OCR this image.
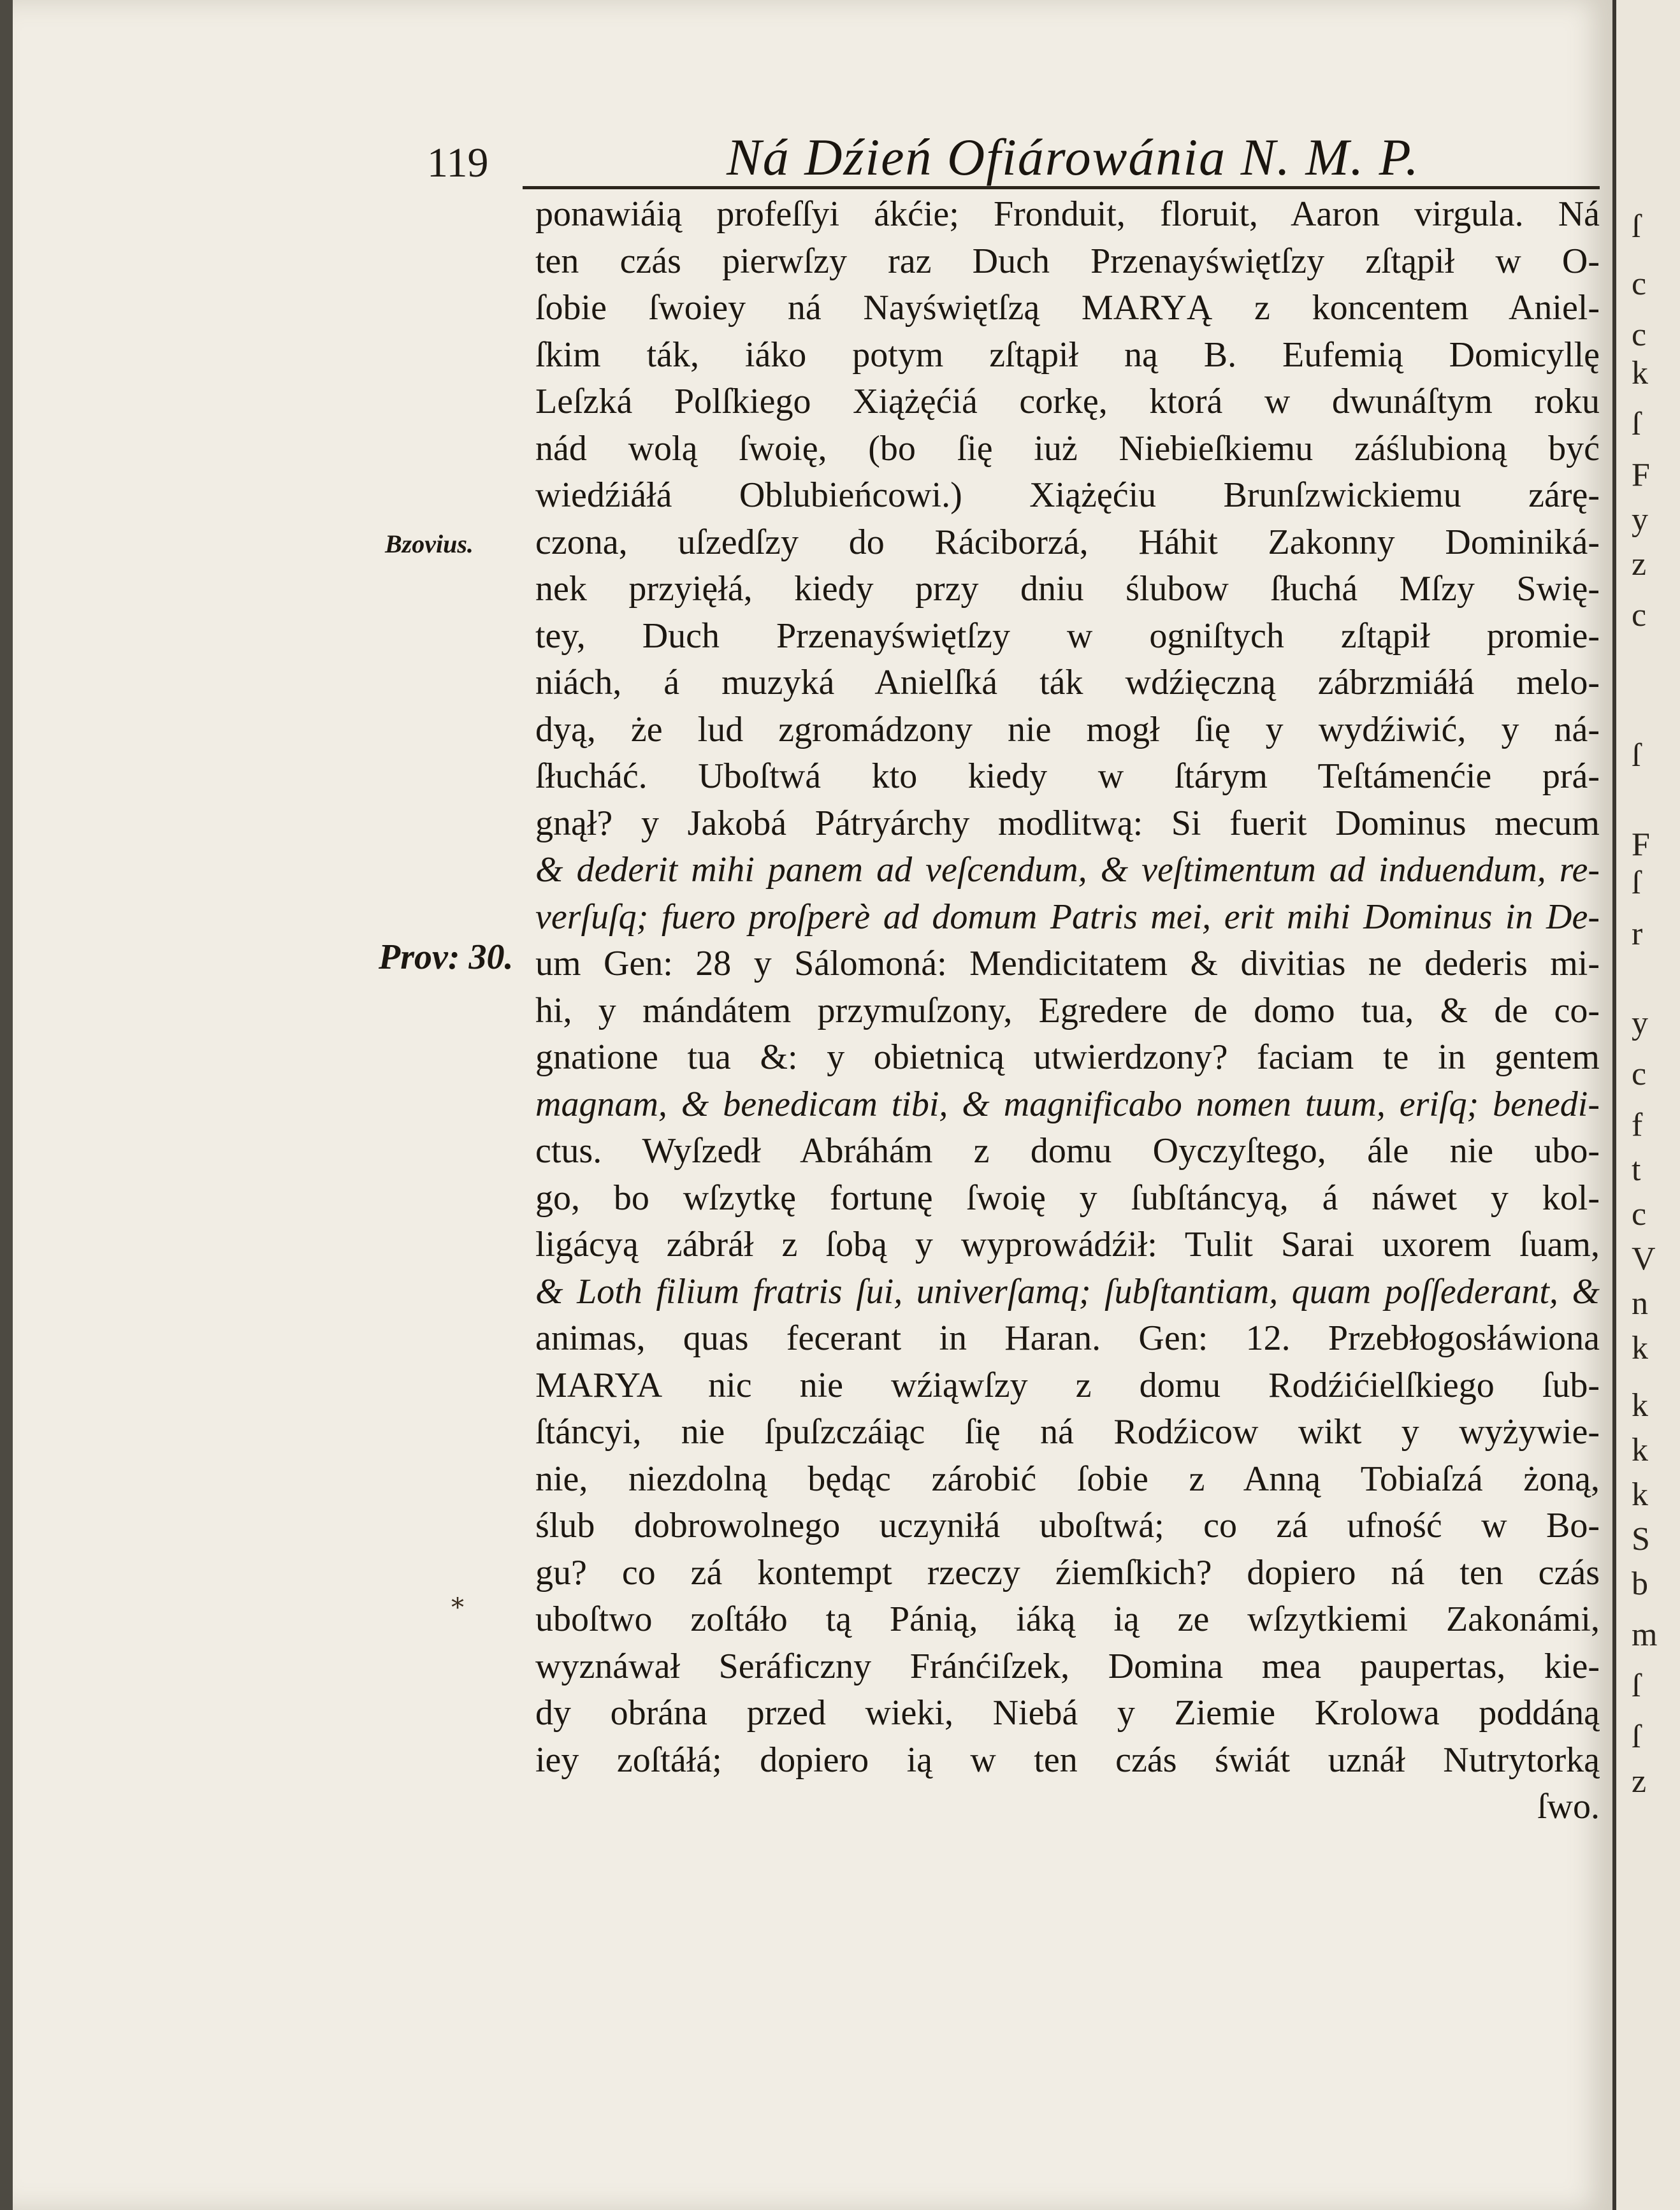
119	Ná Dźień Ofiárowánia N. M. P.
Bzovius.
Prov: 30.
*
ponawiáią profeſſyi ákćie; Fronduit, floruit, Aaron virgula. Ná
ten czás pierwſzy raz Duch Przenayświętſzy zſtąpił w O-
ſobie ſwoiey ná Nayświętſzą MARYĄ z koncentem Aniel-
ſkim ták, iáko potym zſtąpił ną B. Eufemią Domicyllę
Leſzká Polſkiego Xiążęćiá corkę, ktorá w dwunáſtym roku
nád wolą ſwoię, (bo ſię iuż Niebieſkiemu záślubioną być
wiedźiáłá Oblubieńcowi.) Xiążęćiu Brunſzwickiemu zárę-
czona, uſzedſzy do Ráciborzá, Háhit Zakonny Dominiká-
nek przyięłá, kiedy przy dniu ślubow ſłuchá Mſzy Swię-
tey, Duch Przenayświętſzy w ogniſtych zſtąpił promie-
niách, á muzyká Anielſká ták wdźięczną zábrzmiáłá melo-
dyą, że lud zgromádzony nie mogł ſię y wydźiwić, y ná-
ſłucháć. Uboſtwá kto kiedy w ſtárym Teſtámenćie prá-
gnął? y Jakobá Pátryárchy modlitwą: Si fuerit Dominus mecum
& dederit mihi panem ad veſcendum, & veſtimentum ad induendum, re-
verſuſq; fuero proſperè ad domum Patris mei, erit mihi Dominus in De-
um Gen: 28 y Sálomoná: Mendicitatem & divitias ne dederis mi-
hi, y mándátem przymuſzony, Egredere de domo tua, & de co-
gnatione tua &: y obietnicą utwierdzony? faciam te in gentem
magnam, & benedicam tibi, & magnificabo nomen tuum, eriſq; benedi-
ctus. Wyſzedł Abráhám z domu Oyczyſtego, ále nie ubo-
go, bo wſzytkę fortunę ſwoię y ſubſtáncyą, á náwet y kol-
ligácyą zábráł z ſobą y wyprowádźił: Tulit Sarai uxorem ſuam,
& Loth filium fratris ſui, univerſamq; ſubſtantiam, quam poſſederant, &
animas, quas fecerant in Haran. Gen: 12. Przebłogosłáwiona
MARYA nic nie wźiąwſzy z domu Rodźićielſkiego ſub-
ſtáncyi, nie ſpuſzczáiąc ſię ná Rodźicow wikt y wyżywie-
nie, niezdolną będąc zárobić ſobie z Anną Tobiaſzá żoną,
ślub dobrowolnego uczyniłá uboſtwá; co zá ufność w Bo-
gu? co zá kontempt rzeczy źiemſkich? dopiero ná ten czás
uboſtwo zoſtáło tą Pánią, iáką ią ze wſzytkiemi Zakonámi,
wyznáwał Seráficzny Fránćiſzek, Domina mea paupertas, kie-
dy obrána przed wieki, Niebá y Ziemie Krolowa poddáną
iey zoſtáłá; dopiero ią w ten czás świát uznáł Nutrytorką
ſwo.
ſ
c
c
k
ſ
F
y
z
c
ſ
F
ſ
r
y
c
f
t
c
V
n
k
k
k
k
S
b
m
ſ
ſ
z
